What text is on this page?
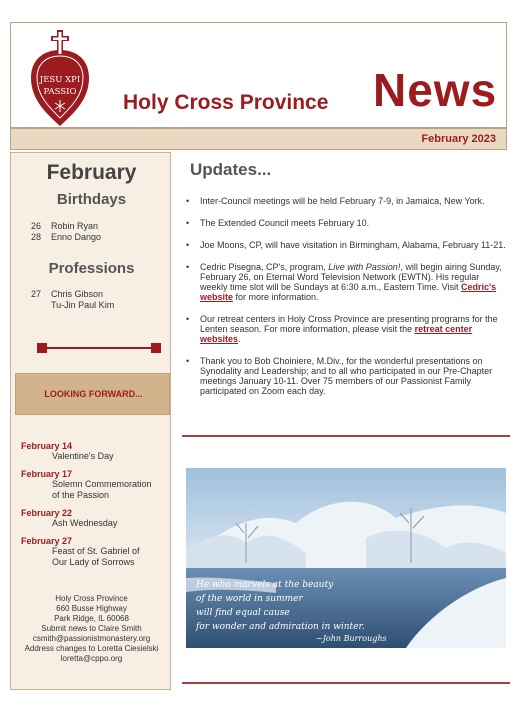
JESU XPI
PASSIO Holy Cross Province News
February 2023
February
Birthdays
26	Robin Ryan
28	Enno Dango
Professions
27	Chris Gibson
Tu-Jin Paul Kim
LOOKING FORWARD...
February 14
Valentine's Day
February 17
Solemn Commemoration
of the Passion
February 22
Ash Wednesday
February 27
Feast of St. Gabriel of
Our Lady of Sorrows
Holy Cross Province
660 Busse Highway
Park Ridge, IL 60068
Submit news to Claire Smith
csmith@passionistmonastery.org
Address changes to Loretta Ciesielski
loretta@cppo.org
Updates...
• Inter-Council meetings will be held February 7-9, in Jamaica, New York.
• The Extended Council meets February 10.
• Joe Moons, CP, will have visitation in Birmingham, Alabama, February 11-21.
• Cedric Pisegna, CP's, program, Live with Passion!, will begin airing Sunday, February 26, on Eternal Word Television Network (EWTN). His regular weekly time slot will be Sundays at 6:30 a.m., Eastern Time. Visit Cedric's website for more information.
• Our retreat centers in Holy Cross Province are presenting programs for the Lenten season. For more information, please visit the retreat center websites.
• Thank you to Bob Choiniere, M.Div., for the wonderful presentations on Synodality and Leadership; and to all who participated in our Pre-Chapter meetings January 10-11. Over 75 members of our Passionist Family participated on Zoom each day.
He who marvels at the beauty
of the world in summer
will find equal cause
for wonder and admiration in winter.
~John Burroughs
